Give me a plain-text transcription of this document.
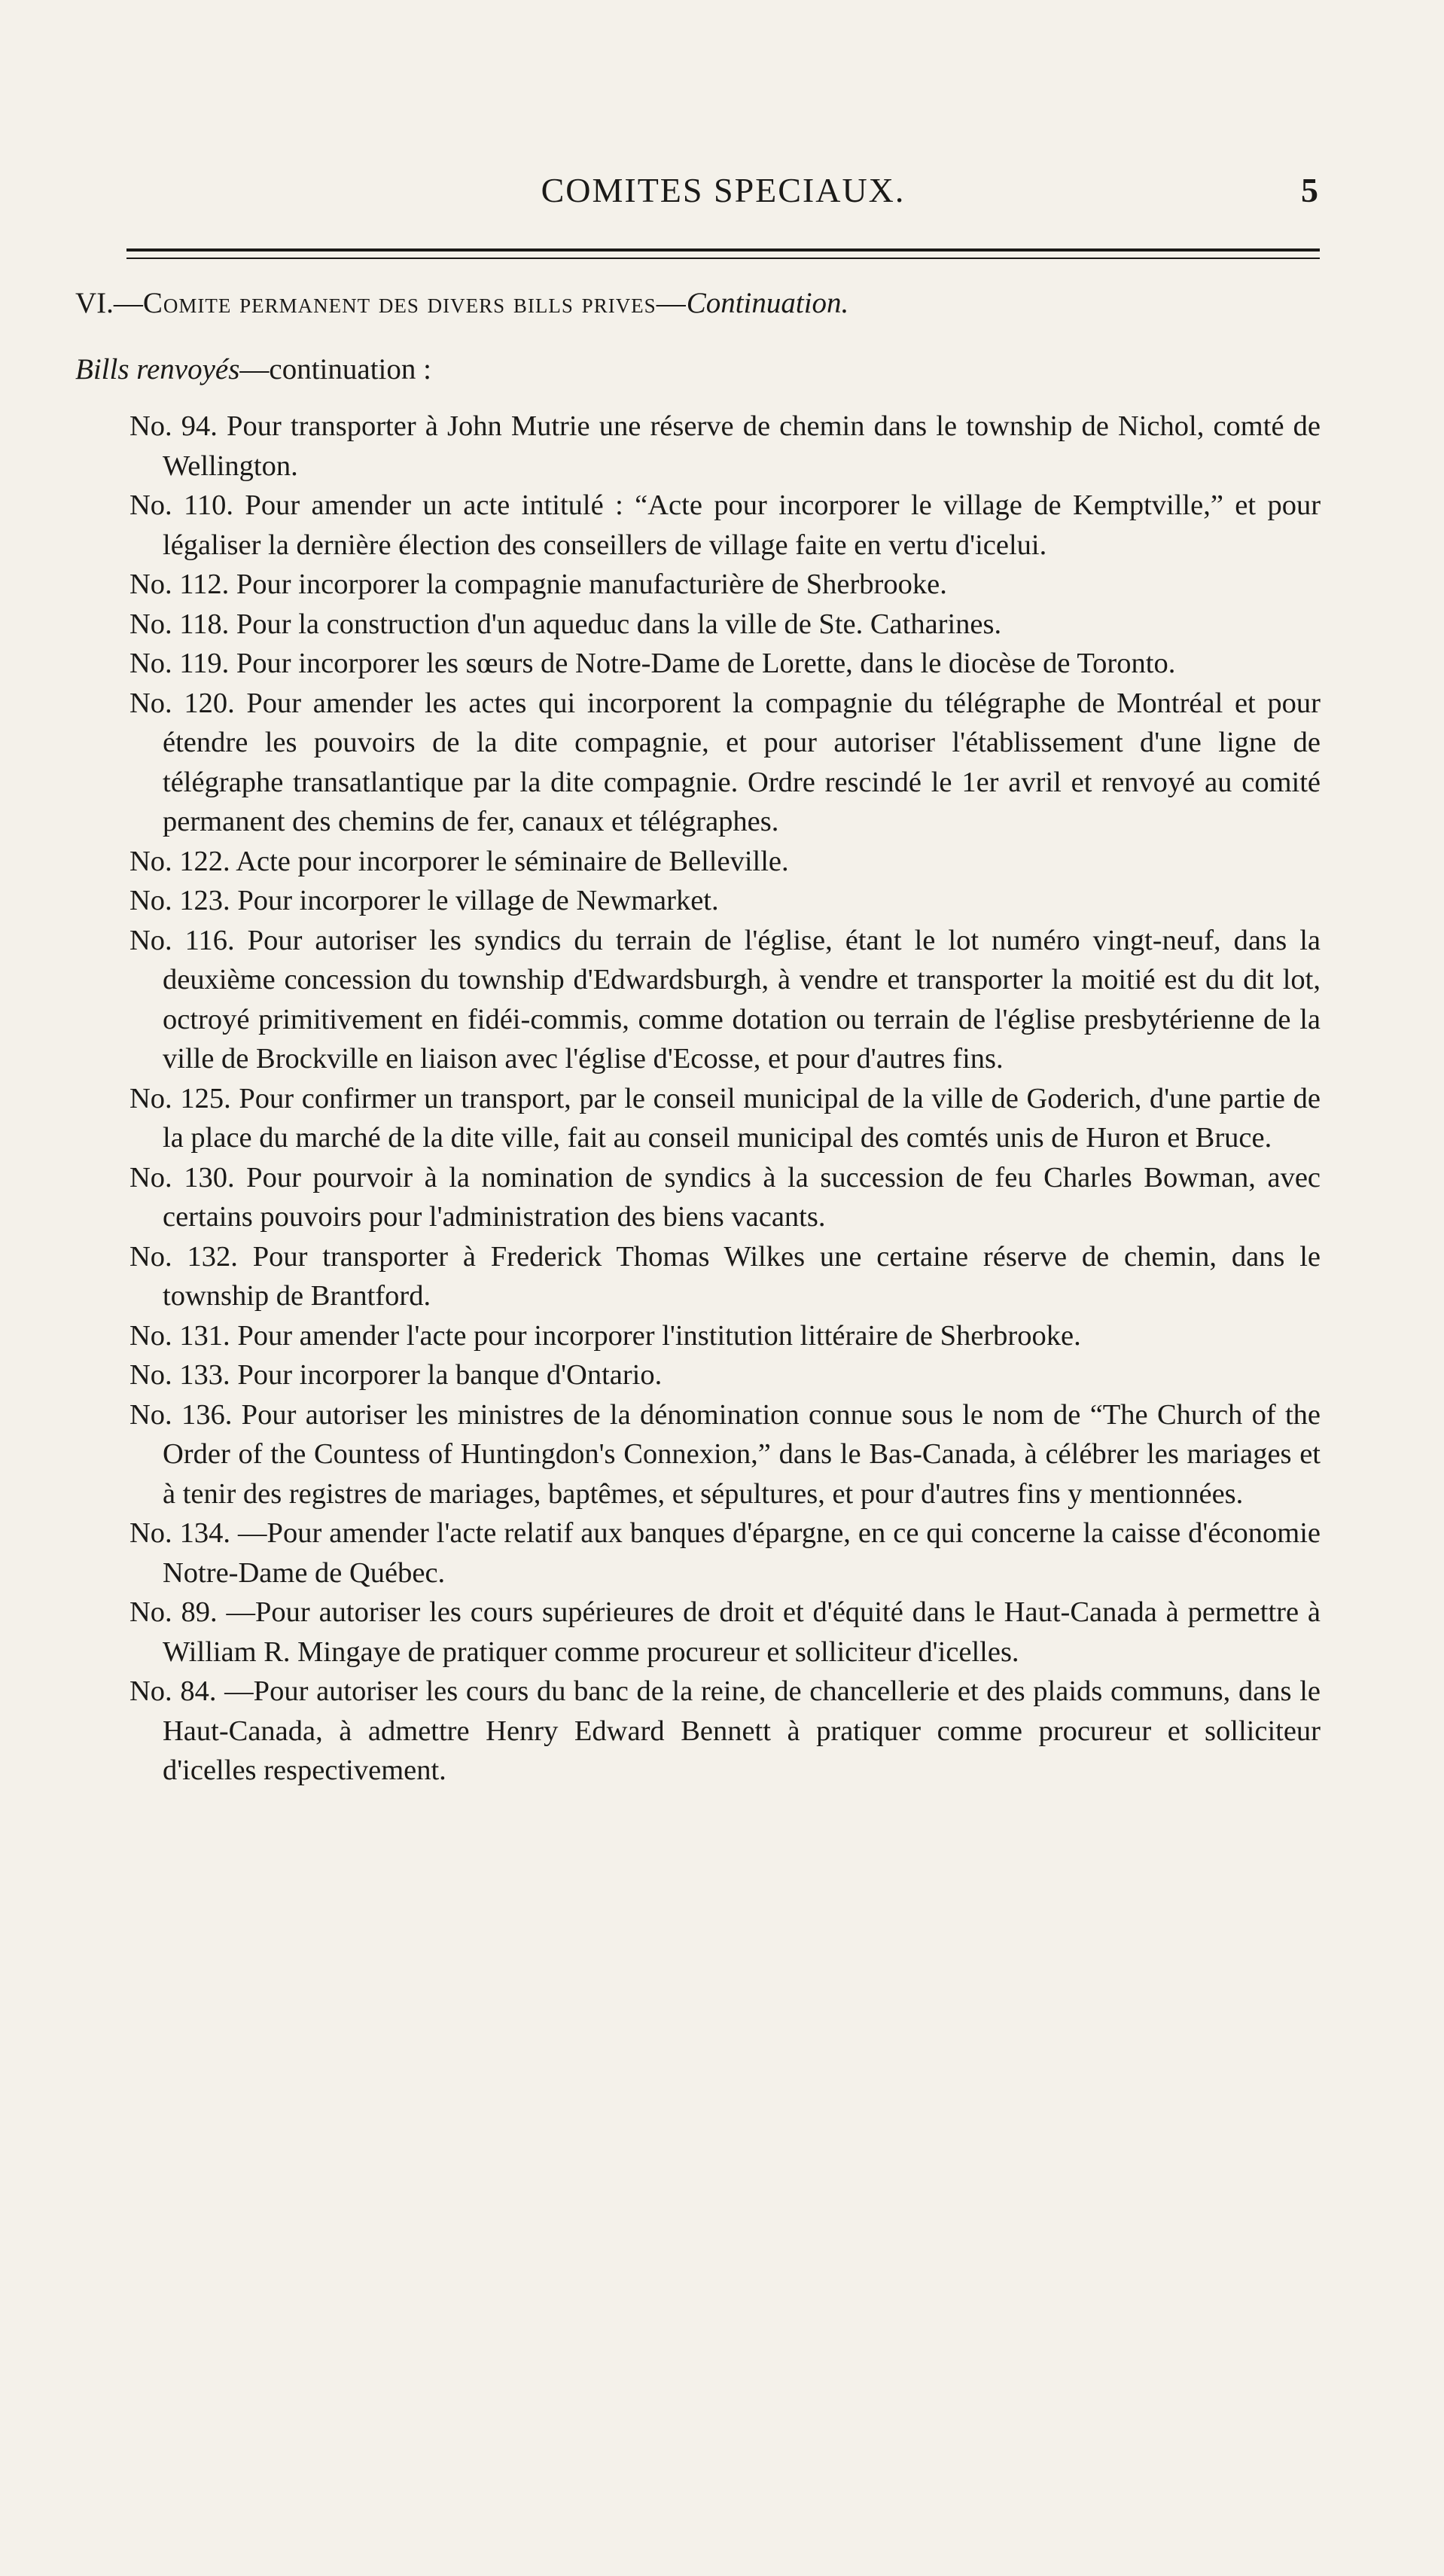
COMITES SPECIAUX.	5
VI.—Comite permanent des divers bills prives—Continuation.
Bills renvoyés—continuation :

No. 94. Pour transporter à John Mutrie une réserve de chemin dans le township de Nichol, comté de Wellington.

No. 110. Pour amender un acte intitulé : “Acte pour incorporer le village de Kemptville,” et pour légaliser la dernière élection des conseillers de village faite en vertu d'icelui.

No. 112. Pour incorporer la compagnie manufacturière de Sherbrooke.

No. 118. Pour la construction d'un aqueduc dans la ville de Ste. Catharines.

No. 119. Pour incorporer les sœurs de Notre-Dame de Lorette, dans le diocèse de Toronto.

No. 120. Pour amender les actes qui incorporent la compagnie du télégraphe de Montréal et pour étendre les pouvoirs de la dite compagnie, et pour autoriser l'établissement d'une ligne de télégraphe transatlantique par la dite compagnie. Ordre rescindé le 1er avril et renvoyé au comité permanent des chemins de fer, canaux et télégraphes.

No. 122. Acte pour incorporer le séminaire de Belleville.

No. 123. Pour incorporer le village de Newmarket.

No. 116. Pour autoriser les syndics du terrain de l'église, étant le lot numéro vingt-neuf, dans la deuxième concession du township d'Edwardsburgh, à vendre et transporter la moitié est du dit lot, octroyé primitivement en fidéi-commis, comme dotation ou terrain de l'église presbytérienne de la ville de Brockville en liaison avec l'église d'Ecosse, et pour d'autres fins.

No. 125. Pour confirmer un transport, par le conseil municipal de la ville de Goderich, d'une partie de la place du marché de la dite ville, fait au conseil municipal des comtés unis de Huron et Bruce.

No. 130. Pour pourvoir à la nomination de syndics à la succession de feu Charles Bowman, avec certains pouvoirs pour l'administration des biens vacants.

No. 132. Pour transporter à Frederick Thomas Wilkes une certaine réserve de chemin, dans le township de Brantford.

No. 131. Pour amender l'acte pour incorporer l'institution littéraire de Sherbrooke.

No. 133. Pour incorporer la banque d'Ontario.

No. 136. Pour autoriser les ministres de la dénomination connue sous le nom de “The Church of the Order of the Countess of Huntingdon's Connexion,” dans le Bas-Canada, à célébrer les mariages et à tenir des registres de mariages, baptêmes, et sépultures, et pour d'autres fins y mentionnées.

No. 134. —Pour amender l'acte relatif aux banques d'épargne, en ce qui concerne la caisse d'économie Notre-Dame de Québec.

No. 89. —Pour autoriser les cours supérieures de droit et d'équité dans le Haut-Canada à permettre à William R. Mingaye de pratiquer comme procureur et solliciteur d'icelles.

No. 84. —Pour autoriser les cours du banc de la reine, de chancellerie et des plaids communs, dans le Haut-Canada, à admettre Henry Edward Bennett à pratiquer comme procureur et solliciteur d'icelles respectivement.
